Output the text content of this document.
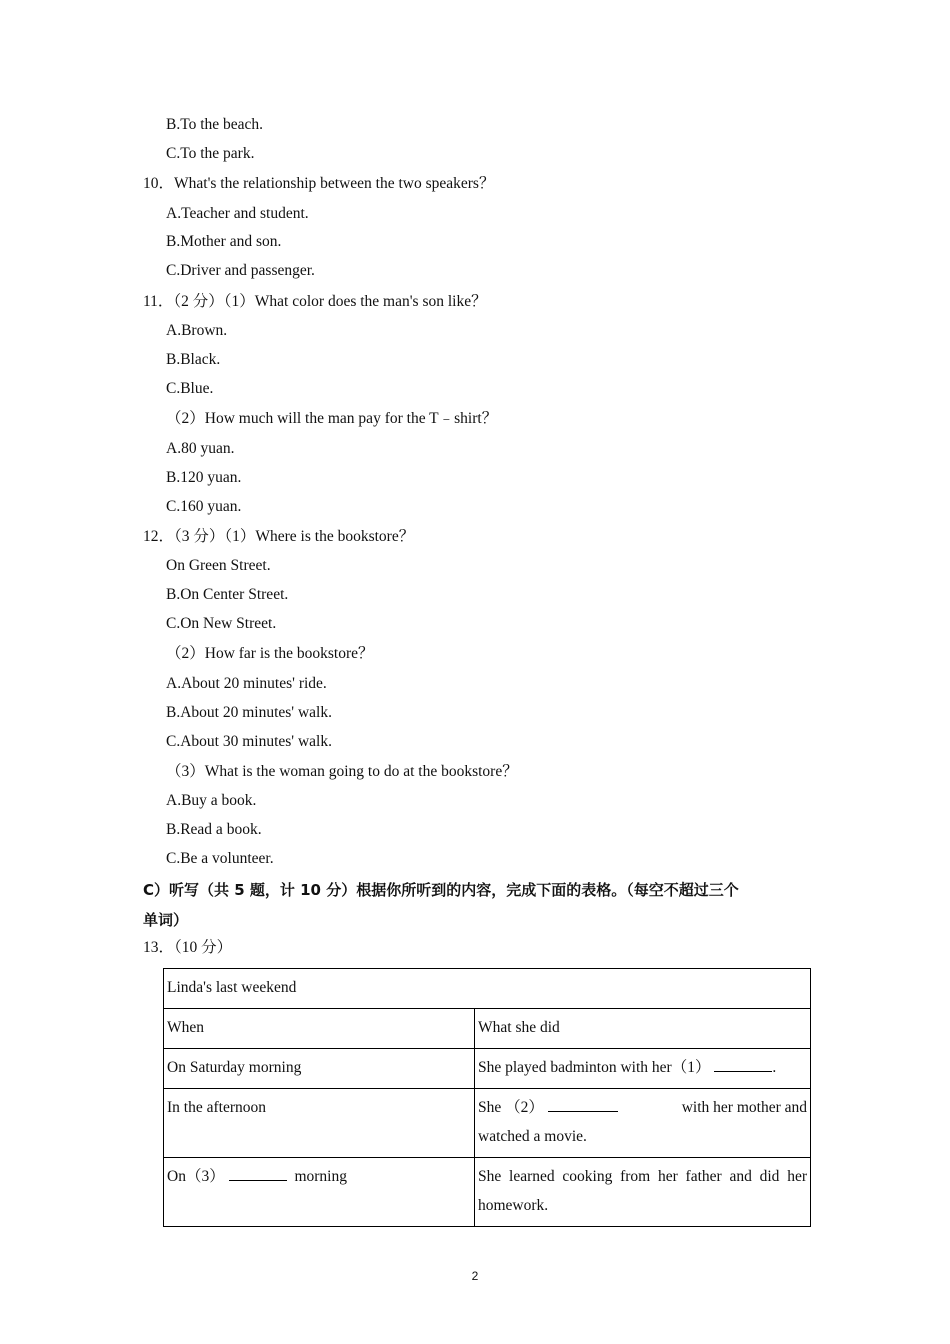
B.To the beach.
C.To the park.
10．What's the relationship between the two speakers？
A.Teacher and student.
B.Mother and son.
C.Driver and passenger.
11．（2 分）（1）What color does the man's son like？
A.Brown.
B.Black.
C.Blue.
（2）How much will the man pay for the T﹣shirt？
A.80 yuan.
B.120 yuan.
C.160 yuan.
12．（3 分）（1）Where is the bookstore？
On Green Street.
B.On Center Street.
C.On New Street.
（2）How far is the bookstore？
A.About 20 minutes' ride.
B.About 20 minutes' walk.
C.About 30 minutes' walk.
（3）What is the woman going to do at the bookstore？
A.Buy a book.
B.Read a book.
C.Be a volunteer.
C）听写（共 5 题，计 10 分）根据你所听到的内容，完成下面的表格。（每空不超过三个
单词）
13．（10 分）
Linda's last weekend	
When	What she did
On Saturday morning	She played badminton with her（1） .
In the afternoon	She （2） with her mother and
watched a movie.

On（3） morning	She learned cooking from her father and did her homework.
2
